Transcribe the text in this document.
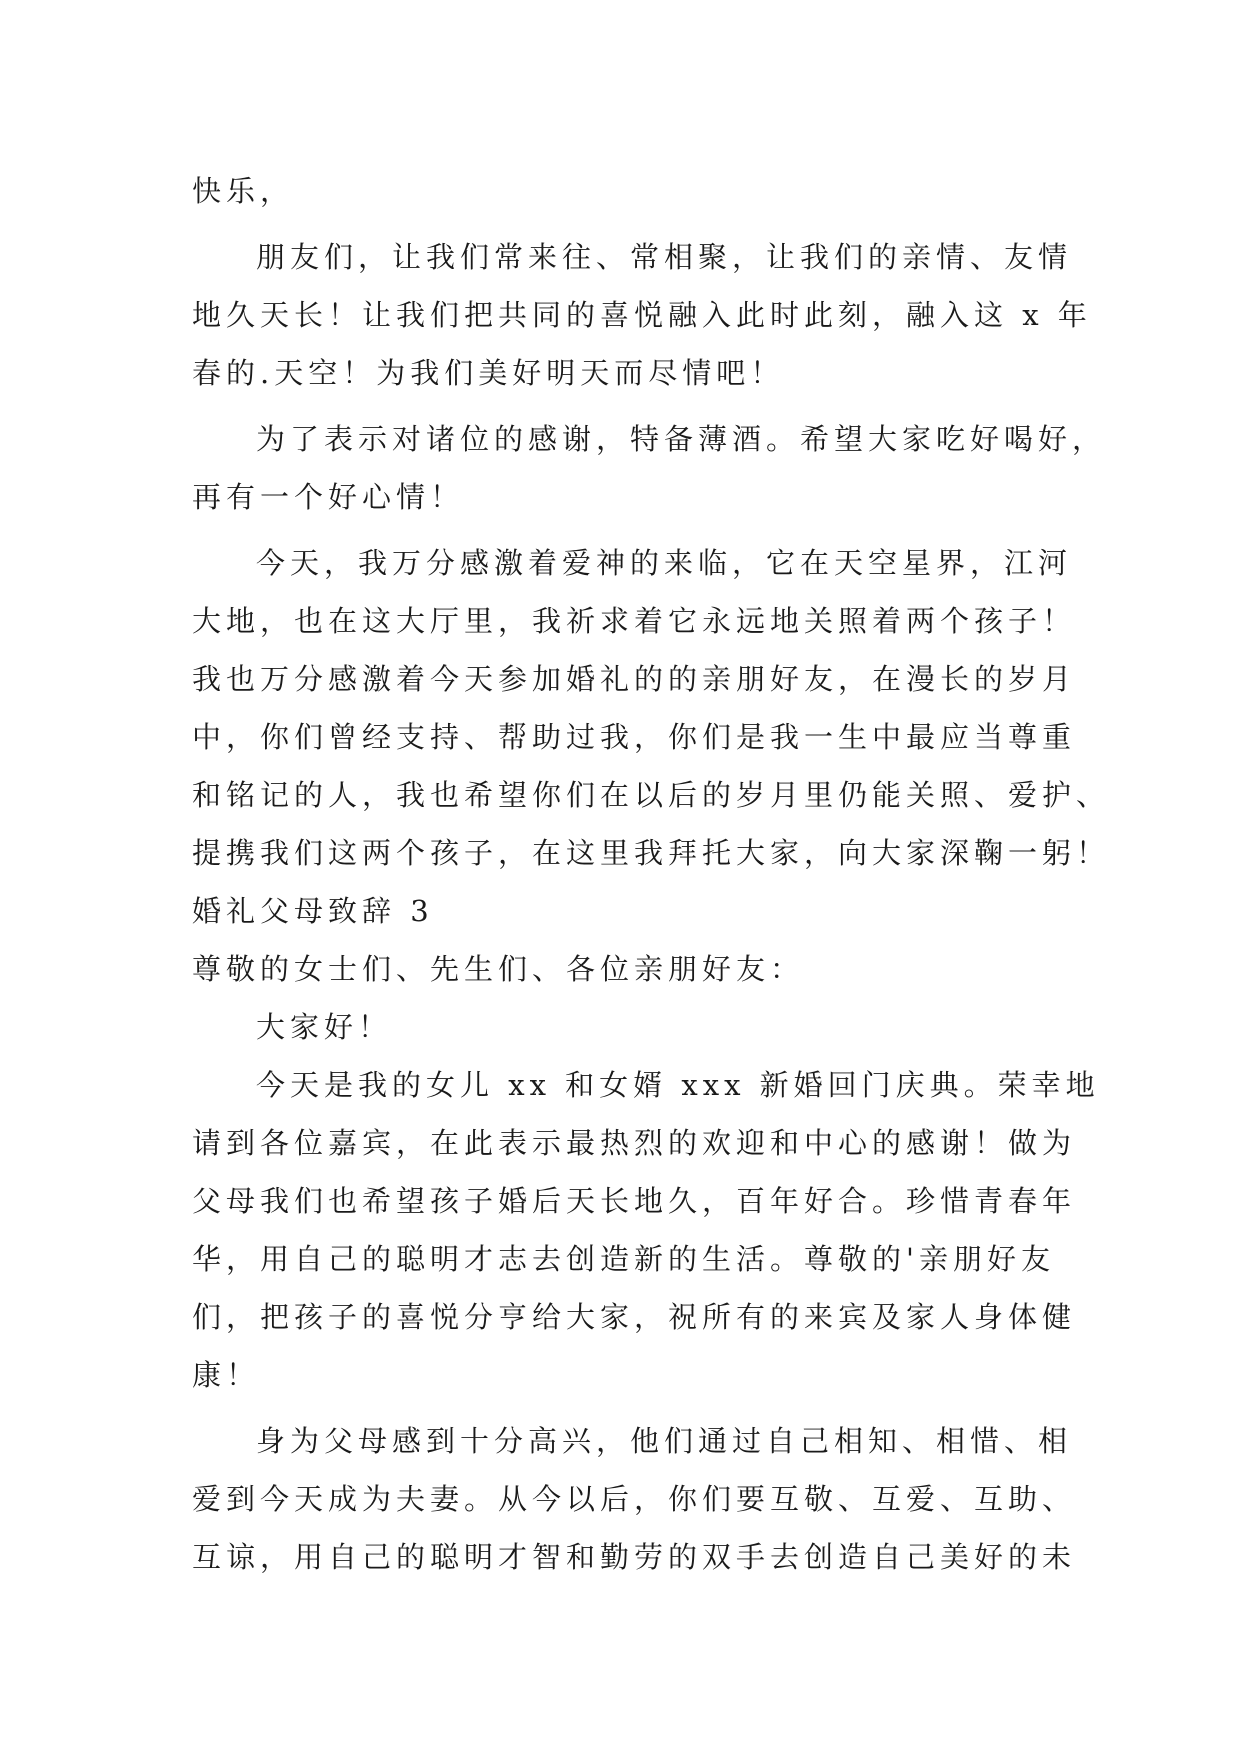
快乐，
朋友们，让我们常来往、常相聚，让我们的亲情、友情
地久天长！让我们把共同的喜悦融入此时此刻，融入这 x 年
春的.天空！为我们美好明天而尽情吧！
为了表示对诸位的感谢，特备薄酒。希望大家吃好喝好，
再有一个好心情！
今天，我万分感激着爱神的来临，它在天空星界，江河
大地，也在这大厅里，我祈求着它永远地关照着两个孩子！
我也万分感激着今天参加婚礼的的亲朋好友，在漫长的岁月
中，你们曾经支持、帮助过我，你们是我一生中最应当尊重
和铭记的人，我也希望你们在以后的岁月里仍能关照、爱护、
提携我们这两个孩子，在这里我拜托大家，向大家深鞠一躬！
婚礼父母致辞 3
尊敬的女士们、先生们、各位亲朋好友：
大家好！
今天是我的女儿 xx 和女婿 xxx 新婚回门庆典。荣幸地
请到各位嘉宾，在此表示最热烈的欢迎和中心的感谢！做为
父母我们也希望孩子婚后天长地久，百年好合。珍惜青春年
华，用自己的聪明才志去创造新的生活。尊敬的'亲朋好友
们，把孩子的喜悦分亨给大家，祝所有的来宾及家人身体健
康！
身为父母感到十分高兴，他们通过自己相知、相惜、相
爱到今天成为夫妻。从今以后，你们要互敬、互爱、互助、
互谅，用自己的聪明才智和勤劳的双手去创造自己美好的未
